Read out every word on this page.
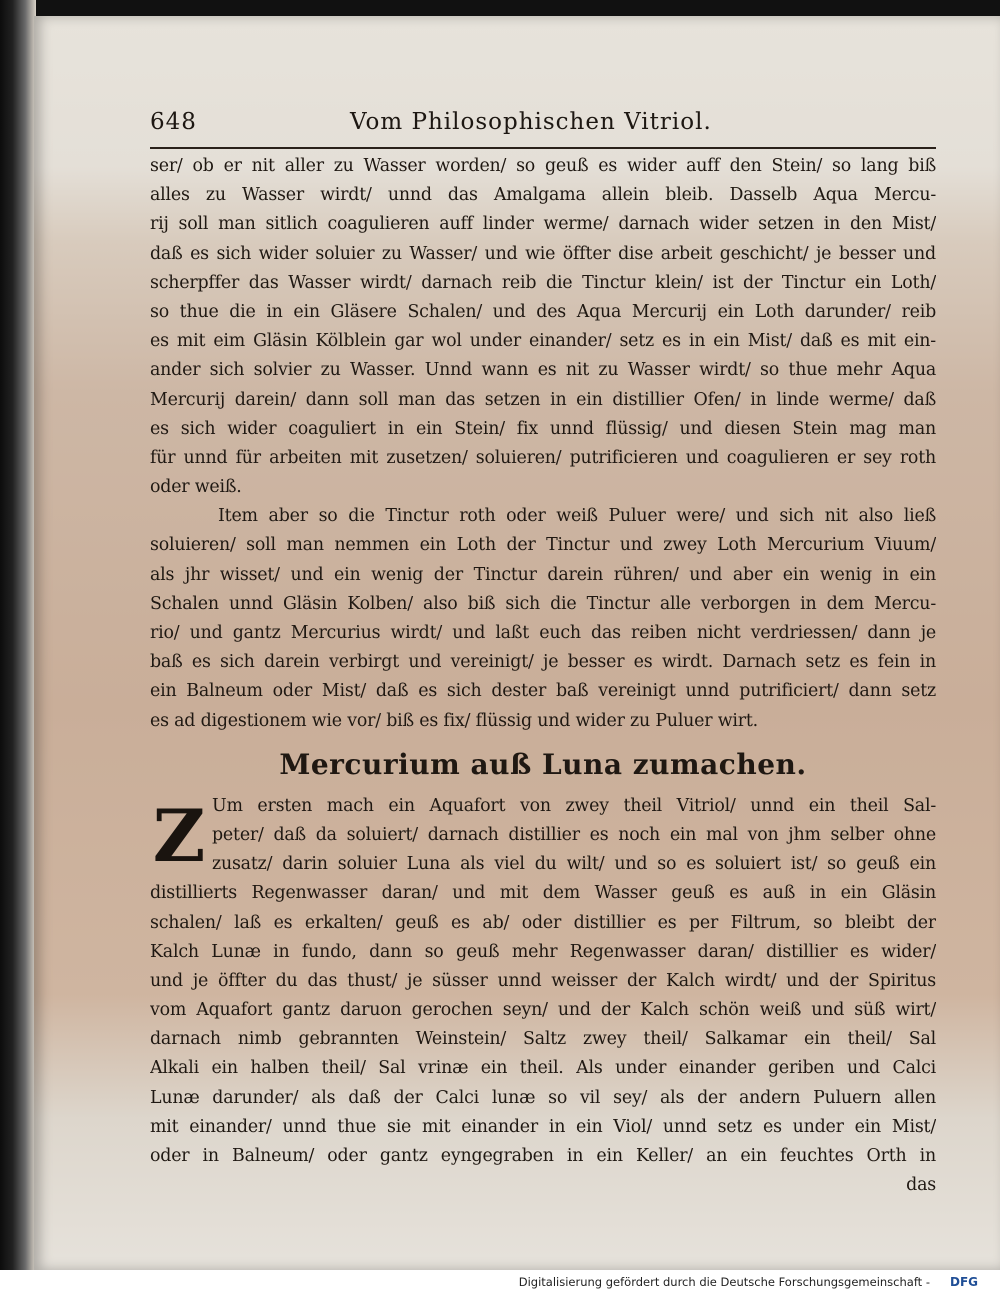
648	Vom Philosophischen Vitriol.
ser/ ob er nit aller zu Wasser worden/ so geuß es wider auff den Stein/ so lang biß
alles zu Wasser wirdt/ unnd das Amalgama allein bleib. Dasselb Aqua Mercu-
rij soll man sitlich coagulieren auff linder werme/ darnach wider setzen in den Mist/
daß es sich wider soluier zu Wasser/ und wie öffter dise arbeit geschicht/ je besser und
scherpffer das Wasser wirdt/ darnach reib die Tinctur klein/ ist der Tinctur ein Loth/
so thue die in ein Gläsere Schalen/ und des Aqua Mercurij ein Loth darunder/ reib
es mit eim Gläsin Kölblein gar wol under einander/ setz es in ein Mist/ daß es mit ein-
ander sich solvier zu Wasser. Unnd wann es nit zu Wasser wirdt/ so thue mehr Aqua
Mercurij darein/ dann soll man das setzen in ein distillier Ofen/ in linde werme/ daß
es sich wider coaguliert in ein Stein/ fix unnd flüssig/ und diesen Stein mag man
für unnd für arbeiten mit zusetzen/ soluieren/ putrificieren und coagulieren er sey roth
oder weiß.
Item aber so die Tinctur roth oder weiß Puluer were/ und sich nit also ließ
soluieren/ soll man nemmen ein Loth der Tinctur und zwey Loth Mercurium Viuum/
als jhr wisset/ und ein wenig der Tinctur darein rühren/ und aber ein wenig in ein
Schalen unnd Gläsin Kolben/ also biß sich die Tinctur alle verborgen in dem Mercu-
rio/ und gantz Mercurius wirdt/ und laßt euch das reiben nicht verdriessen/ dann je
baß es sich darein verbirgt und vereinigt/ je besser es wirdt. Darnach setz es fein in
ein Balneum oder Mist/ daß es sich dester baß vereinigt unnd putrificiert/ dann setz
es ad digestionem wie vor/ biß es fix/ flüssig und wider zu Puluer wirt.
Mercurium auß Luna zumachen.
Z Um ersten mach ein Aquafort von zwey theil Vitriol/ unnd ein theil Sal-
peter/ daß da soluiert/ darnach distillier es noch ein mal von jhm selber ohne
zusatz/ darin soluier Luna als viel du wilt/ und so es soluiert ist/ so geuß ein
distillierts Regenwasser daran/ und mit dem Wasser geuß es auß in ein Gläsin
schalen/ laß es erkalten/ geuß es ab/ oder distillier es per Filtrum, so bleibt der
Kalch Lunæ in fundo, dann so geuß mehr Regenwasser daran/ distillier es wider/
und je öffter du das thust/ je süsser unnd weisser der Kalch wirdt/ und der Spiritus
vom Aquafort gantz daruon gerochen seyn/ und der Kalch schön weiß und süß wirt/
darnach nimb gebrannten Weinstein/ Saltz zwey theil/ Salkamar ein theil/ Sal
Alkali ein halben theil/ Sal vrinæ ein theil. Als under einander geriben und Calci
Lunæ darunder/ als daß der Calci lunæ so vil sey/ als der andern Puluern allen
mit einander/ unnd thue sie mit einander in ein Viol/ unnd setz es under ein Mist/
oder in Balneum/ oder gantz eyngegraben in ein Keller/ an ein feuchtes Orth in
das
Digitalisierung gefördert durch die Deutsche Forschungsgemeinschaft -	DFG
